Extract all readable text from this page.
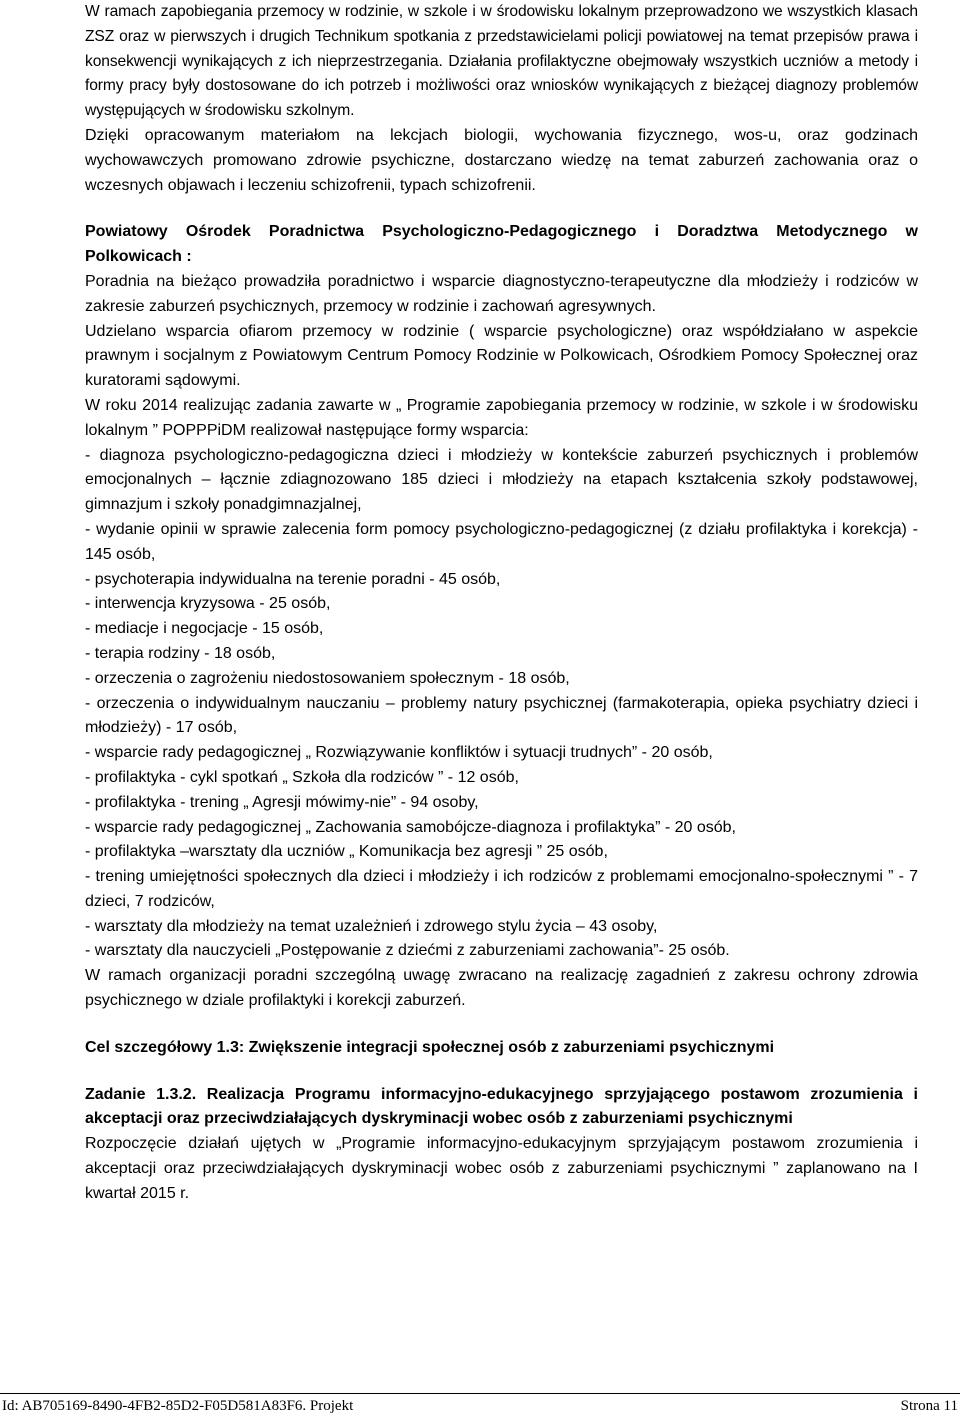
W ramach zapobiegania przemocy w rodzinie, w szkole i w środowisku lokalnym przeprowadzono we wszystkich klasach ZSZ oraz w pierwszych i drugich Technikum spotkania z przedstawicielami policji powiatowej na temat przepisów prawa i konsekwencji wynikających z ich nieprzestrzegania. Działania profilaktyczne obejmowały wszystkich uczniów a metody i formy pracy były dostosowane do ich potrzeb i możliwości oraz wniosków wynikających z bieżącej diagnozy problemów występujących w środowisku szkolnym.

Dzięki opracowanym materiałom na lekcjach biologii, wychowania fizycznego, wos-u, oraz godzinach wychowawczych promowano zdrowie psychiczne, dostarczano wiedzę na temat zaburzeń zachowania oraz o wczesnych objawach i leczeniu schizofrenii, typach schizofrenii.

Powiatowy Ośrodek Poradnictwa Psychologiczno-Pedagogicznego i Doradztwa Metodycznego w Polkowicach :

Poradnia na bieżąco prowadziła poradnictwo i wsparcie diagnostyczno-terapeutyczne dla młodzieży i rodziców w zakresie zaburzeń psychicznych, przemocy w rodzinie i zachowań agresywnych.

Udzielano wsparcia ofiarom przemocy w rodzinie ( wsparcie psychologiczne) oraz współdziałano w aspekcie prawnym i socjalnym z Powiatowym Centrum Pomocy Rodzinie w Polkowicach, Ośrodkiem Pomocy Społecznej oraz kuratorami sądowymi.

W roku 2014 realizując zadania zawarte w „ Programie zapobiegania przemocy w rodzinie, w szkole i w środowisku lokalnym ” POPPPiDM realizował następujące formy wsparcia:

- diagnoza psychologiczno-pedagogiczna dzieci i młodzieży w kontekście zaburzeń psychicznych i problemów emocjonalnych – łącznie zdiagnozowano 185 dzieci i młodzieży na etapach kształcenia szkoły podstawowej, gimnazjum i szkoły ponadgimnazjalnej,

- wydanie opinii w sprawie zalecenia form pomocy psychologiczno-pedagogicznej (z działu profilaktyka i korekcja) - 145 osób,

- psychoterapia indywidualna na terenie poradni - 45 osób,

- interwencja kryzysowa - 25 osób,

- mediacje i negocjacje - 15 osób,

- terapia rodziny - 18 osób,

- orzeczenia o zagrożeniu niedostosowaniem społecznym - 18 osób,

- orzeczenia o indywidualnym nauczaniu – problemy natury psychicznej (farmakoterapia, opieka psychiatry dzieci i młodzieży) - 17 osób,

- wsparcie rady pedagogicznej „ Rozwiązywanie konfliktów i sytuacji trudnych” - 20 osób,

- profilaktyka - cykl spotkań „ Szkoła dla rodziców ” - 12 osób,

- profilaktyka - trening „ Agresji mówimy-nie” - 94 osoby,

- wsparcie rady pedagogicznej „ Zachowania samobójcze-diagnoza i profilaktyka” - 20 osób,

- profilaktyka –warsztaty dla uczniów „ Komunikacja bez agresji ” 25 osób,

- trening umiejętności społecznych dla dzieci i młodzieży i ich rodziców z problemami emocjonalno-społecznymi ” - 7 dzieci, 7 rodziców,

- warsztaty dla młodzieży na temat uzależnień i zdrowego stylu życia – 43 osoby,

- warsztaty dla nauczycieli „Postępowanie z dziećmi z zaburzeniami zachowania”- 25 osób.

W ramach organizacji poradni szczególną uwagę zwracano na realizację zagadnień z zakresu ochrony zdrowia psychicznego w dziale profilaktyki i korekcji zaburzeń.

Cel szczegółowy 1.3: Zwiększenie integracji społecznej osób z zaburzeniami psychicznymi

Zadanie 1.3.2. Realizacja Programu informacyjno-edukacyjnego sprzyjającego postawom zrozumienia i akceptacji oraz przeciwdziałających dyskryminacji wobec osób z zaburzeniami psychicznymi

Rozpoczęcie działań ujętych w „Programie informacyjno-edukacyjnym sprzyjającym postawom zrozumienia i akceptacji oraz przeciwdziałających dyskryminacji wobec osób z zaburzeniami psychicznymi ” zaplanowano na I kwartał 2015 r.

Id: AB705169-8490-4FB2-85D2-F05D581A83F6. Projekt	Strona 11
